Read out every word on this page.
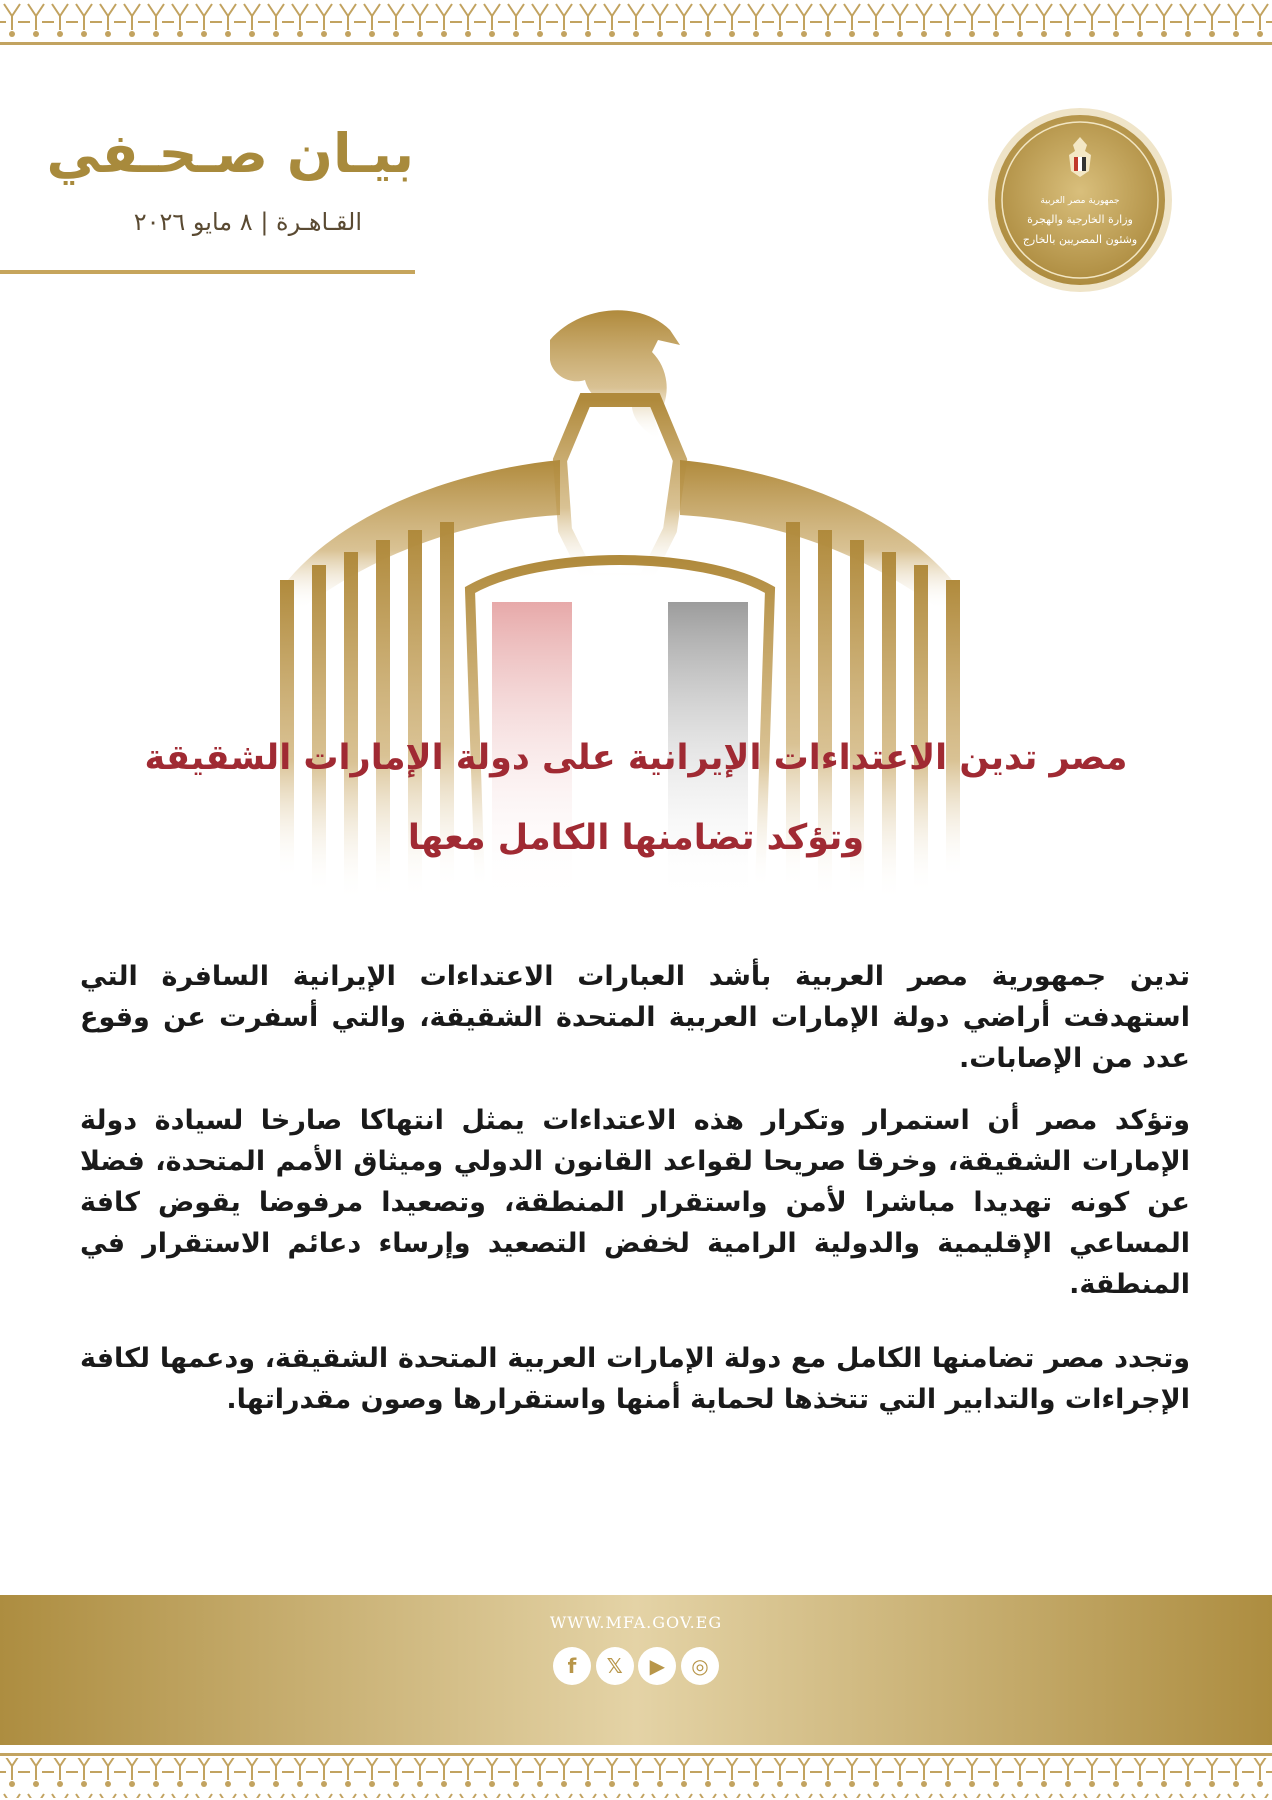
بيـان صـحـفي
القـاهـرة | ٨ مايو ٢٠٢٦
جمهورية مصر العربية
وزارة الخارجية والهجرة
وشئون المصريين بالخارج
مصر تدين الاعتداءات الإيرانية على دولة الإمارات الشقيقة
وتؤكد تضامنها الكامل معها
تدين جمهورية مصر العربية بأشد العبارات الاعتداءات الإيرانية السافرة التي استهدفت أراضي دولة الإمارات العربية المتحدة الشقيقة، والتي أسفرت عن وقوع عدد من الإصابات.
وتؤكد مصر أن استمرار وتكرار هذه الاعتداءات يمثل انتهاكا صارخا لسيادة دولة الإمارات الشقيقة، وخرقا صريحا لقواعد القانون الدولي وميثاق الأمم المتحدة، فضلا عن كونه تهديدا مباشرا لأمن واستقرار المنطقة، وتصعيدا مرفوضا يقوض كافة المساعي الإقليمية والدولية الرامية لخفض التصعيد وإرساء دعائم الاستقرار في المنطقة.
وتجدد مصر تضامنها الكامل مع دولة الإمارات العربية المتحدة الشقيقة، ودعمها لكافة الإجراءات والتدابير التي تتخذها لحماية أمنها واستقرارها وصون مقدراتها.
WWW.MFA.GOV.EG
f	𝕏	▶	◎
